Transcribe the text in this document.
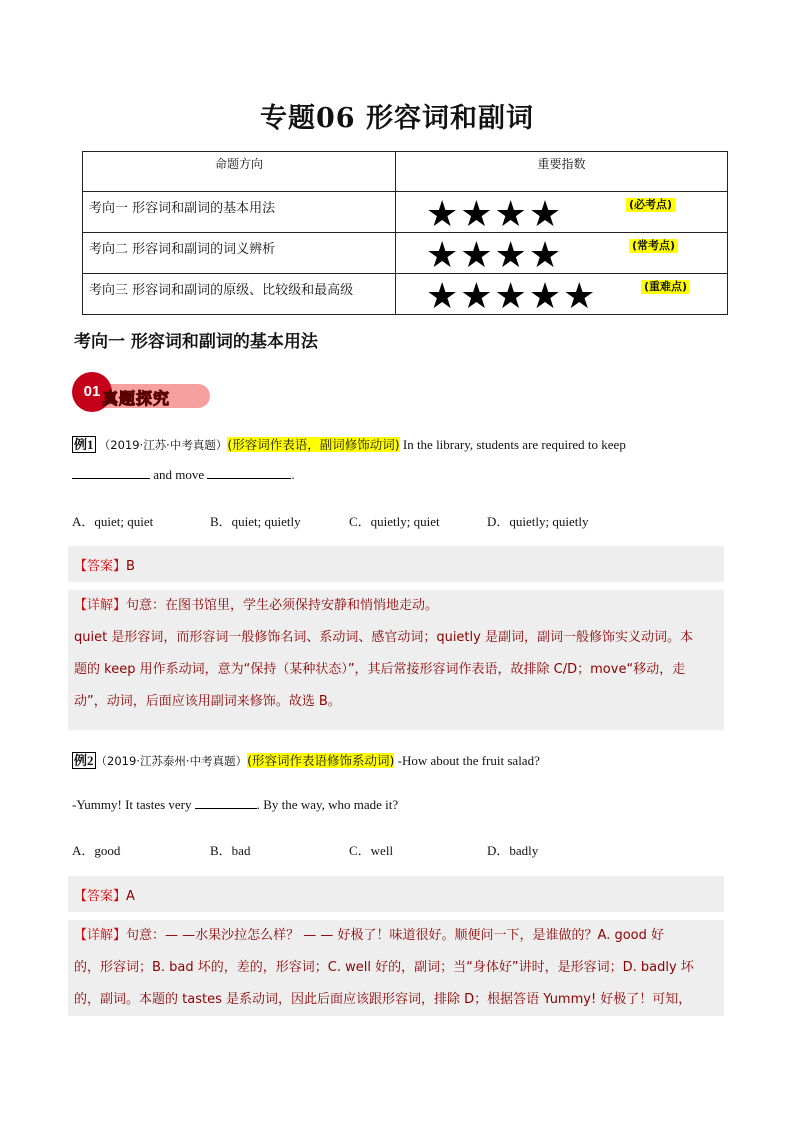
专题06 形容词和副词
命题方向	重要指数
考向一 形容词和副词的基本用法	★★★★ (必考点)

考向二 形容词和副词的词义辨析	★★★★ (常考点)

考向三 形容词和副词的原级、比较级和最高级	★★★★★ (重难点)
考向一 形容词和副词的基本用法
01 真题探究
例1 （2019·江苏·中考真题）(形容词作表语，副词修饰动词) In the library, students are required to keep
and move	.
A．quiet; quiet	B．quiet; quietly	C．quietly; quiet	D．quietly; quietly
【答案】B
【详解】句意：在图书馆里，学生必须保持安静和悄悄地走动。
quiet 是形容词，而形容词一般修饰名词、系动词、感官动词；quietly 是副词，副词一般修饰实义动词。本
题的 keep 用作系动词，意为“保持（某种状态）”，其后常接形容词作表语，故排除 C/D；move“移动，走
动”，动词，后面应该用副词来修饰。故选 B。
例2 （2019·江苏泰州·中考真题）(形容词作表语修饰系动词) -How about the fruit salad?
-Yummy! It tastes very	. By the way, who made it?
A．good	B．bad	C．well	D．badly
【答案】A
【详解】句意：— —水果沙拉怎么样？ — — 好极了！味道很好。顺便问一下，是谁做的？A. good 好
的，形容词；B. bad 坏的，差的，形容词；C. well 好的，副词；当“身体好”讲时，是形容词；D. badly 坏
的，副词。本题的 tastes 是系动词，因此后面应该跟形容词，排除 D；根据答语 Yummy! 好极了！可知，
